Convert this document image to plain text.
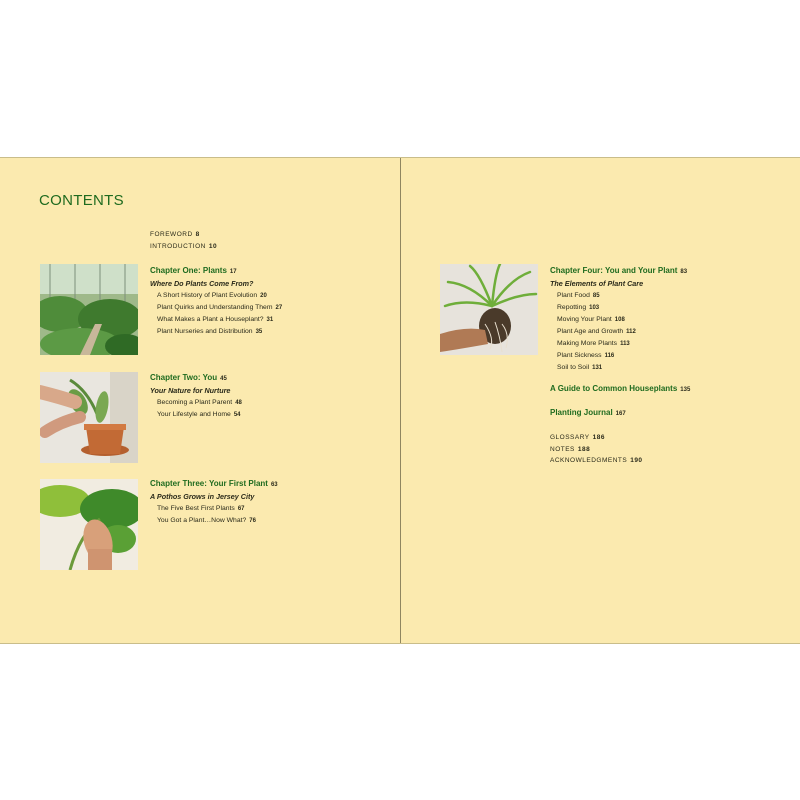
CONTENTS
FOREWORD 8
INTRODUCTION 10
Chapter One: Plants 17
Where Do Plants Come From?
A Short History of Plant Evolution 20
Plant Quirks and Understanding Them 27
What Makes a Plant a Houseplant? 31
Plant Nurseries and Distribution 35
Chapter Two: You 45
Your Nature for Nurture
Becoming a Plant Parent 48
Your Lifestyle and Home 54
Chapter Three: Your First Plant 63
A Pothos Grows in Jersey City
The Five Best First Plants 67
You Got a Plant…Now What? 76
Chapter Four: You and Your Plant 83
The Elements of Plant Care
Plant Food 85
Repotting 103
Moving Your Plant 108
Plant Age and Growth 112
Making More Plants 113
Plant Sickness 116
Soil to Soil 131
A Guide to Common Houseplants 135
Planting Journal 167
GLOSSARY 186
NOTES 188
ACKNOWLEDGMENTS 190
